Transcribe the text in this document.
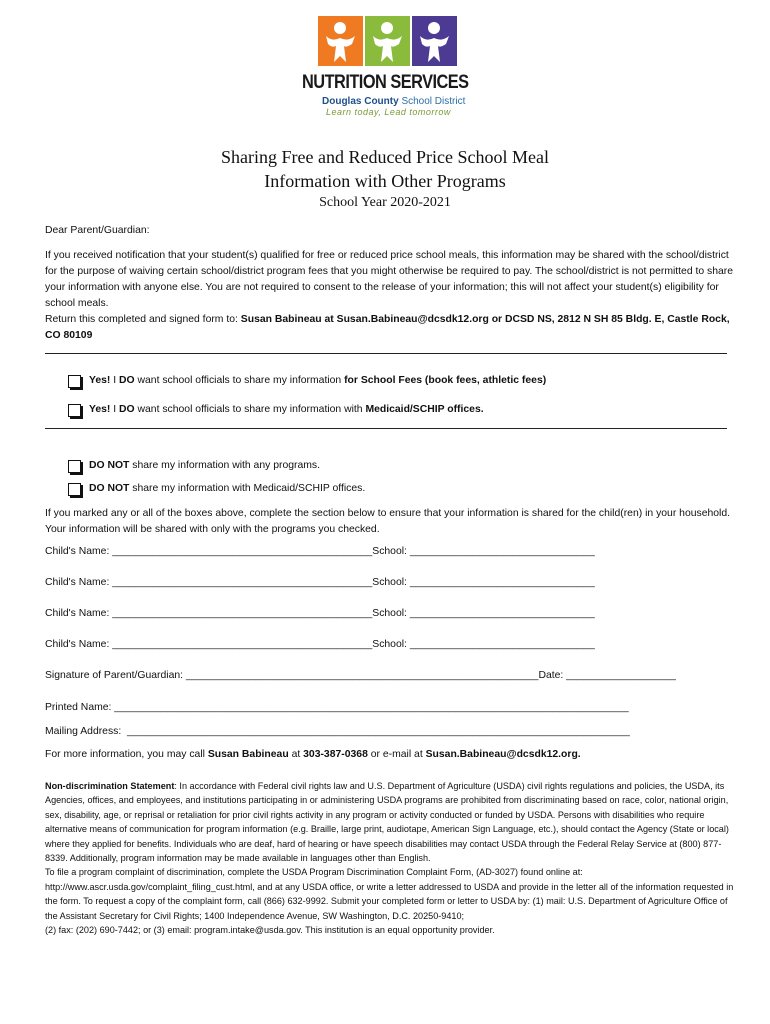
NUTRITION SERVICES
Douglas County School District
Learn today, Lead tomorrow
Sharing Free and Reduced Price School Meal
Information with Other Programs
School Year 2020-2021
Dear Parent/Guardian:
If you received notification that your student(s) qualified for free or reduced price school meals, this information may be shared with the school/district for the purpose of waiving certain school/district program fees that you might otherwise be required to pay. The school/district is not permitted to share your information with anyone else. You are not required to consent to the release of your information; this will not affect your student(s) eligibility for school meals.
Return this completed and signed form to: Susan Babineau at Susan.Babineau@dcsdk12.org or DCSD NS, 2812 N SH 85 Bldg. E, Castle Rock, CO 80109
Yes! I DO want school officials to share my information for School Fees (book fees, athletic fees)
Yes! I DO want school officials to share my information with Medicaid/SCHIP offices.
DO NOT share my information with any programs.
DO NOT share my information with Medicaid/SCHIP offices.
If you marked any or all of the boxes above, complete the section below to ensure that your information is shared for the child(ren) in your household. Your information will be shared with only with the programs you checked.
Child's Name: _____________________________________________School: ________________________________
Child's Name: _____________________________________________School: ________________________________
Child's Name: _____________________________________________School: ________________________________
Child's Name: _____________________________________________School: ________________________________
Signature of Parent/Guardian: _____________________________________________________________Date: ___________________
Printed Name: _________________________________________________________________________________________
Mailing Address:  _______________________________________________________________________________________
For more information, you may call Susan Babineau at 303-387-0368 or e-mail at Susan.Babineau@dcsdk12.org.
Non-discrimination Statement: In accordance with Federal civil rights law and U.S. Department of Agriculture (USDA) civil rights regulations and policies, the USDA, its Agencies, offices, and employees, and institutions participating in or administering USDA programs are prohibited from discriminating based on race, color, national origin, sex, disability, age, or reprisal or retaliation for prior civil rights activity in any program or activity conducted or funded by USDA. Persons with disabilities who require alternative means of communication for program information (e.g. Braille, large print, audiotape, American Sign Language, etc.), should contact the Agency (State or local) where they applied for benefits. Individuals who are deaf, hard of hearing or have speech disabilities may contact USDA through the Federal Relay Service at (800) 877-8339. Additionally, program information may be made available in languages other than English.
To file a program complaint of discrimination, complete the USDA Program Discrimination Complaint Form, (AD-3027) found online at: http://www.ascr.usda.gov/complaint_filing_cust.html, and at any USDA office, or write a letter addressed to USDA and provide in the letter all of the information requested in the form. To request a copy of the complaint form, call (866) 632-9992. Submit your completed form or letter to USDA by: (1) mail: U.S. Department of Agriculture Office of the Assistant Secretary for Civil Rights; 1400 Independence Avenue, SW Washington, D.C. 20250-9410;
(2) fax: (202) 690-7442; or (3) email: program.intake@usda.gov. This institution is an equal opportunity provider.
